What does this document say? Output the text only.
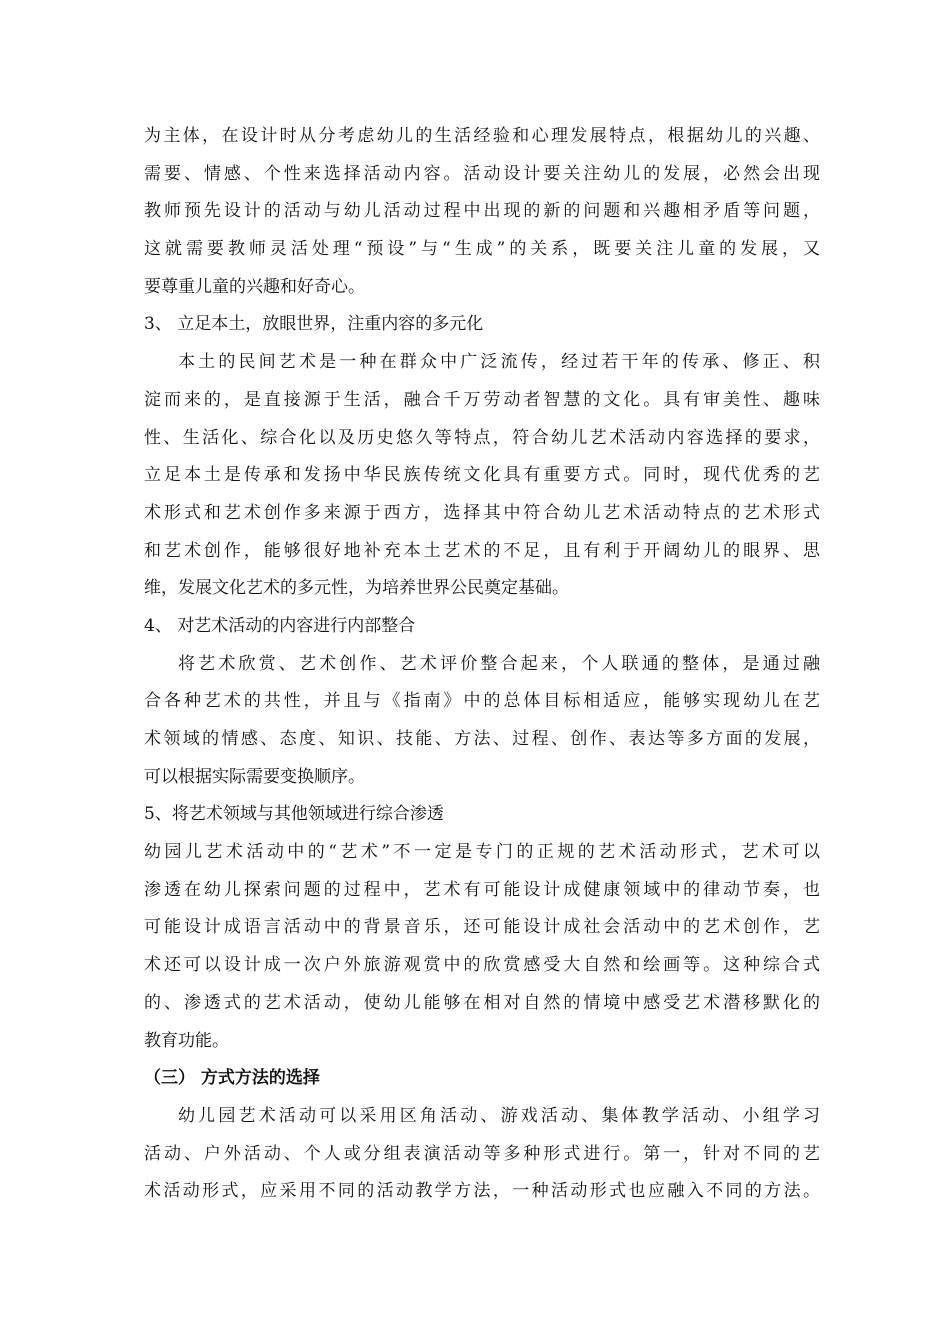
为主体，在设计时从分考虑幼儿的生活经验和心理发展特点，根据幼儿的兴趣、
需要、情感、个性来选择活动内容。活动设计要关注幼儿的发展，必然会出现
教师预先设计的活动与幼儿活动过程中出现的新的问题和兴趣相矛盾等问题，
这就需要教师灵活处理“预设”与“生成”的关系，既要关注儿童的发展，又
要尊重儿童的兴趣和好奇心。
3、 立足本土，放眼世界，注重内容的多元化
本土的民间艺术是一种在群众中广泛流传，经过若干年的传承、修正、积
淀而来的，是直接源于生活，融合千万劳动者智慧的文化。具有审美性、趣味
性、生活化、综合化以及历史悠久等特点，符合幼儿艺术活动内容选择的要求，
立足本土是传承和发扬中华民族传统文化具有重要方式。同时，现代优秀的艺
术形式和艺术创作多来源于西方，选择其中符合幼儿艺术活动特点的艺术形式
和艺术创作，能够很好地补充本土艺术的不足，且有利于开阔幼儿的眼界、思
维，发展文化艺术的多元性，为培养世界公民奠定基础。
4、 对艺术活动的内容进行内部整合
将艺术欣赏、艺术创作、艺术评价整合起来，个人联通的整体，是通过融
合各种艺术的共性，并且与《指南》中的总体目标相适应，能够实现幼儿在艺
术领域的情感、态度、知识、技能、方法、过程、创作、表达等多方面的发展，
可以根据实际需要变换顺序。
5、将艺术领域与其他领域进行综合渗透
幼园儿艺术活动中的“艺术”不一定是专门的正规的艺术活动形式，艺术可以
渗透在幼儿探索问题的过程中，艺术有可能设计成健康领域中的律动节奏，也
可能设计成语言活动中的背景音乐，还可能设计成社会活动中的艺术创作，艺
术还可以设计成一次户外旅游观赏中的欣赏感受大自然和绘画等。这种综合式
的、渗透式的艺术活动，使幼儿能够在相对自然的情境中感受艺术潜移默化的
教育功能。
（三） 方式方法的选择
幼儿园艺术活动可以采用区角活动、游戏活动、集体教学活动、小组学习
活动、户外活动、个人或分组表演活动等多种形式进行。第一，针对不同的艺
术活动形式，应采用不同的活动教学方法，一种活动形式也应融入不同的方法。
